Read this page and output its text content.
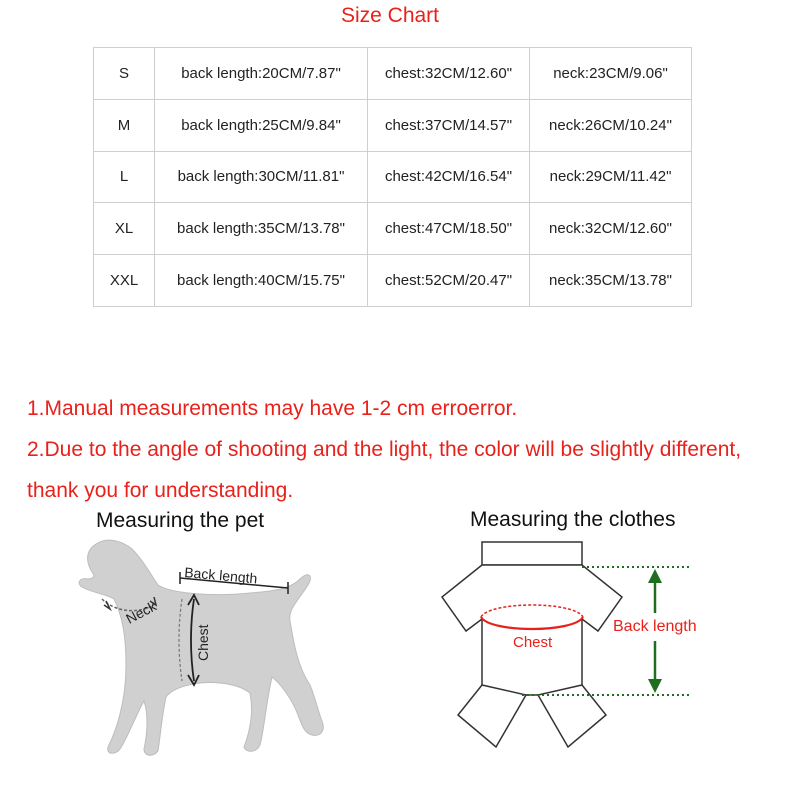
Size Chart
S	back length:20CM/7.87"	chest:32CM/12.60"	neck:23CM/9.06"
M	back length:25CM/9.84"	chest:37CM/14.57"	neck:26CM/10.24"
L	back length:30CM/11.81"	chest:42CM/16.54"	neck:29CM/11.42"
XL	back length:35CM/13.78"	chest:47CM/18.50"	neck:32CM/12.60"
XXL	back length:40CM/15.75"	chest:52CM/20.47"	neck:35CM/13.78"

1.Manual measurements may have 1-2 cm erroerror.

2.Due to the angle of shooting and the light, the color will be slightly different, thank you for understanding.

Measuring the pet
Neck
Back length
Chest
Measuring the clothes
Chest
Back length
